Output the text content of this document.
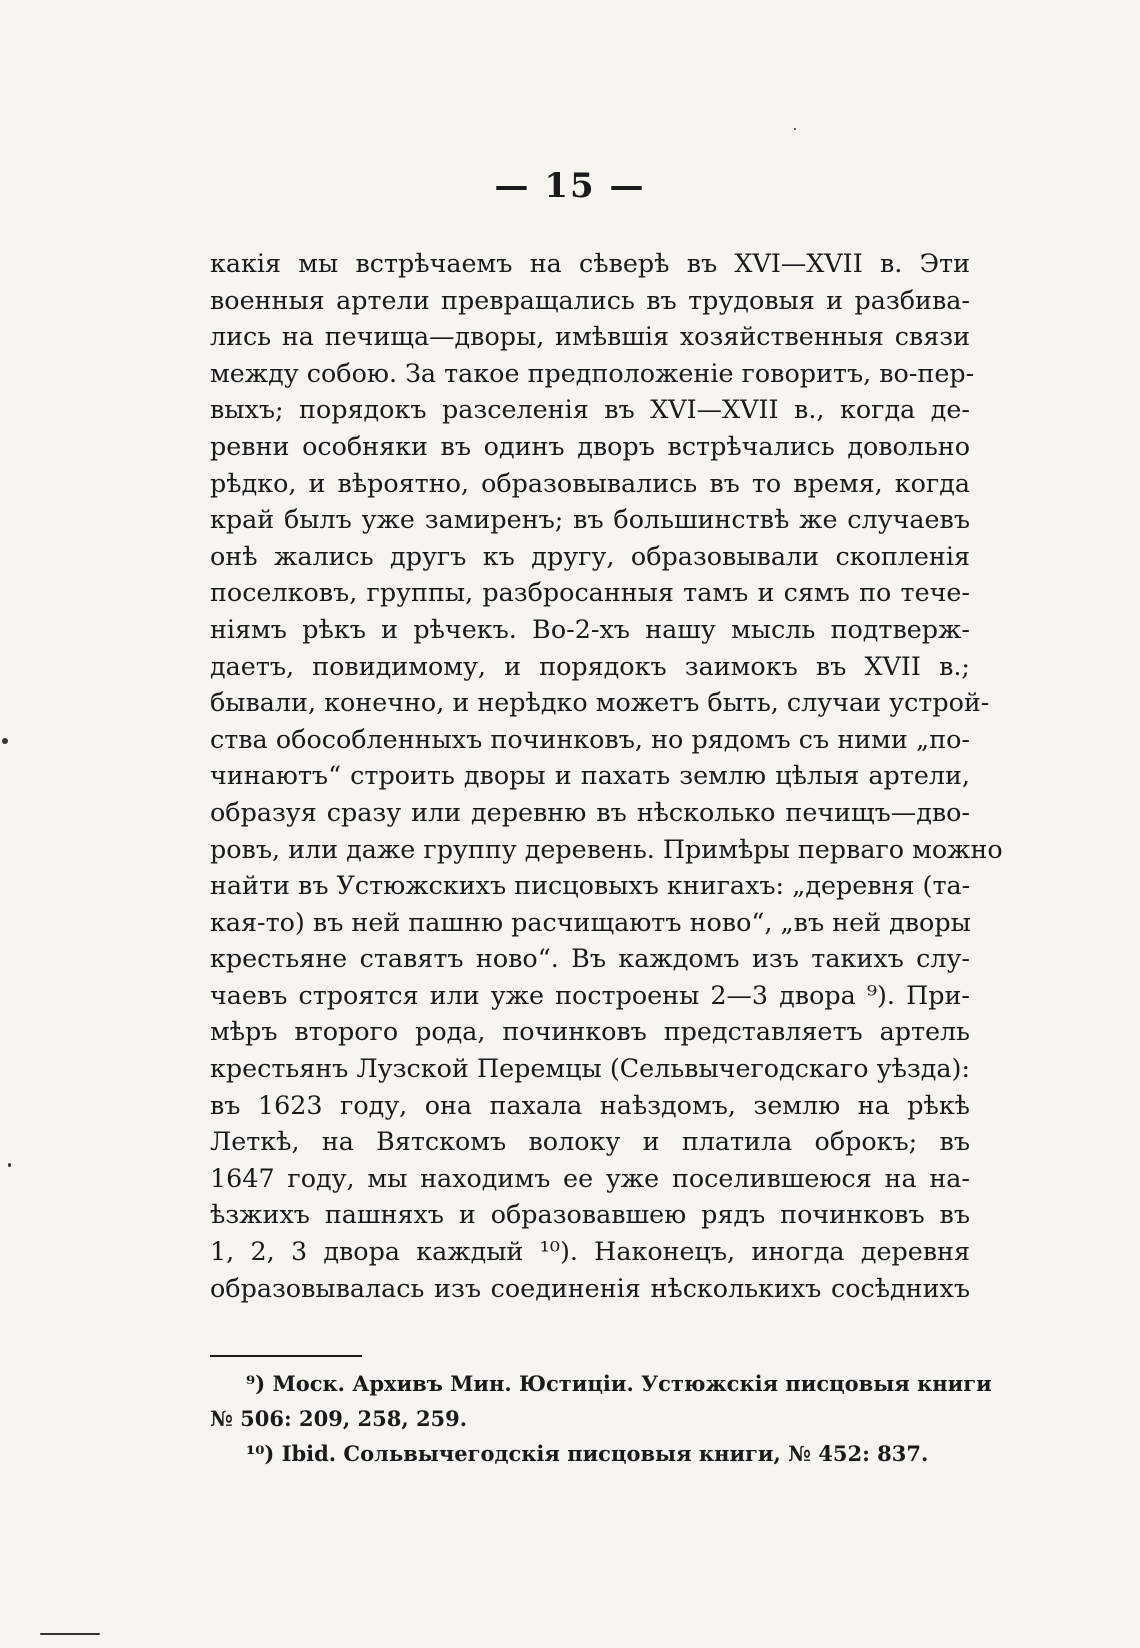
— 15 —
какія мы встрѣчаемъ на сѣверѣ въ XVI—XVII в. Эти
военныя артели превращались въ трудовыя и разбива-
лись на печища—дворы, имѣвшія хозяйственныя связи
между собою. За такое предположеніе говоритъ, во-пер-
выхъ; порядокъ разселенія въ XVI—XVII в., когда де-
ревни особняки въ одинъ дворъ встрѣчались довольно
рѣдко, и вѣроятно, образовывались въ то время, когда
край былъ уже замиренъ; въ большинствѣ же случаевъ
онѣ жались другъ къ другу, образовывали скопленія
поселковъ, группы, разбросанныя тамъ и сямъ по тече-
ніямъ рѣкъ и рѣчекъ. Во-2-хъ нашу мысль подтверж-
даетъ, повидимому, и порядокъ заимокъ въ XVII в.;
бывали, конечно, и нерѣдко можетъ быть, случаи устрой-
ства обособленныхъ починковъ, но рядомъ съ ними „по-
чинаютъ“ строить дворы и пахать землю цѣлыя артели,
образуя сразу или деревню въ нѣсколько печищъ—дво-
ровъ, или даже группу деревень. Примѣры перваго можно
найти въ Устюжскихъ писцовыхъ книгахъ: „деревня (та-
кая-то) въ ней пашню расчищаютъ ново“, „въ ней дворы
крестьяне ставятъ ново“. Въ каждомъ изъ такихъ слу-
чаевъ строятся или уже построены 2—3 двора ⁹). При-
мѣръ второго рода, починковъ представляетъ артель
крестьянъ Лузской Перемцы (Сельвычегодскаго уѣзда):
въ 1623 году, она пахала наѣздомъ, землю на рѣкѣ
Леткѣ, на Вятскомъ волоку и платила оброкъ; въ
1647 году, мы находимъ ее уже поселившеюся на на-
ѣзжихъ пашняхъ и образовавшею рядъ починковъ въ
1, 2, 3 двора каждый ¹⁰). Наконецъ, иногда деревня
образовывалась изъ соединенія нѣсколькихъ сосѣднихъ
⁹) Моск. Архивъ Мин. Юстиціи. Устюжскія писцовыя книги
№ 506: 209, 258, 259.
¹⁰) Ibid. Сольвычегодскія писцовыя книги, № 452: 837.
